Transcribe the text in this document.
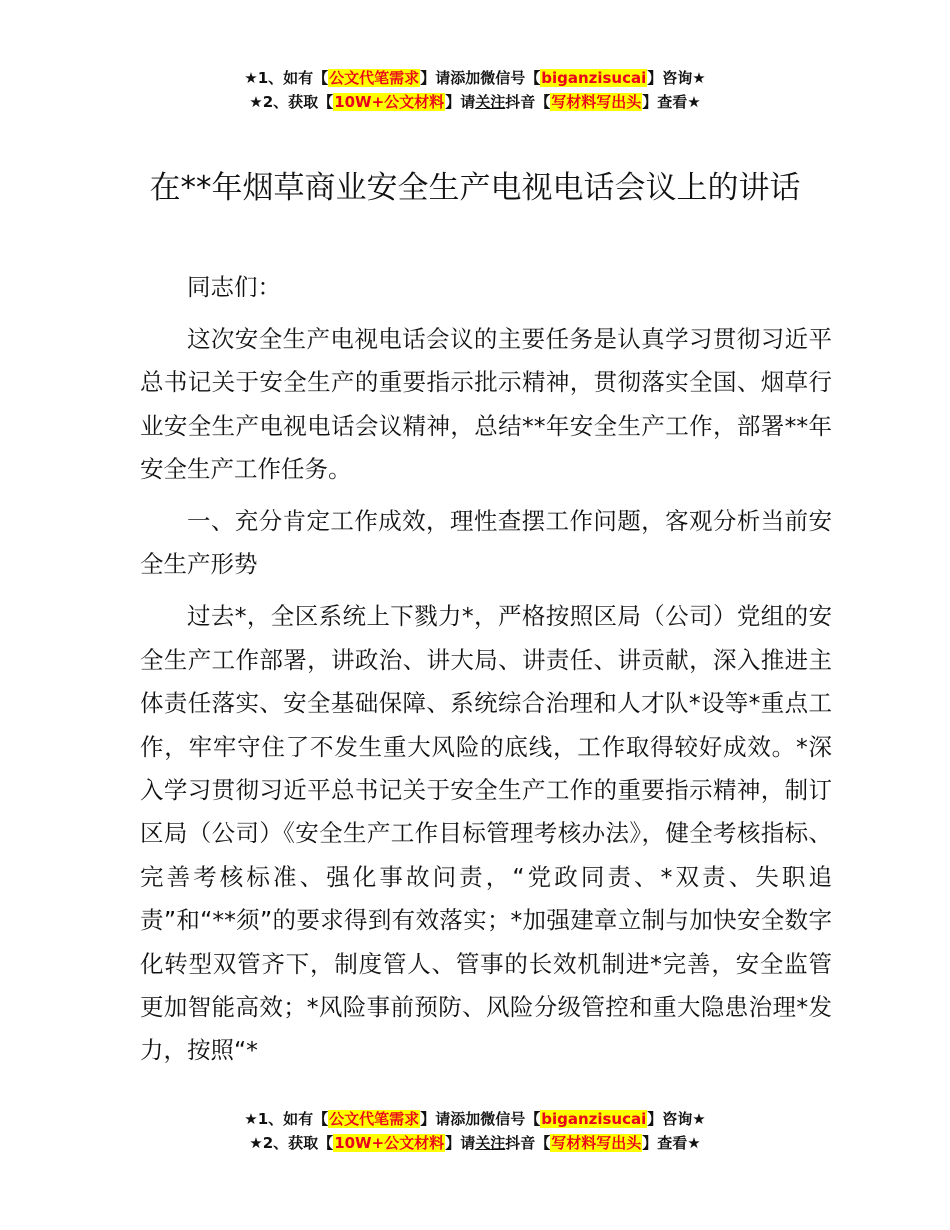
★1、如有【公文代笔需求】请添加微信号【biganzisucai】咨询★
★2、获取【10W+公文材料】请关注抖音【写材料写出头】查看★
在**年烟草商业安全生产电视电话会议上的讲话

同志们：

这次安全生产电视电话会议的主要任务是认真学习贯彻习近平总书记关于安全生产的重要指示批示精神，贯彻落实全国、烟草行业安全生产电视电话会议精神，总结**年安全生产工作，部署**年安全生产工作任务。

一、充分肯定工作成效，理性查摆工作问题，客观分析当前安全生产形势

过去*，全区系统上下戮力*，严格按照区局（公司）党组的安全生产工作部署，讲政治、讲大局、讲责任、讲贡献，深入推进主体责任落实、安全基础保障、系统综合治理和人才队*设等*重点工作，牢牢守住了不发生重大风险的底线，工作取得较好成效。*深入学习贯彻习近平总书记关于安全生产工作的重要指示精神，制订区局（公司）《安全生产工作目标管理考核办法》，健全考核指标、完善考核标准、强化事故问责，“党政同责、*双责、失职追责”和“**须”的要求得到有效落实；*加强建章立制与加快安全数字化转型双管齐下，制度管人、管事的长效机制进*完善，安全监管更加智能高效；*风险事前预防、风险分级管控和重大隐患治理*发力，按照“*

★1、如有【公文代笔需求】请添加微信号【biganzisucai】咨询★
★2、获取【10W+公文材料】请关注抖音【写材料写出头】查看★
